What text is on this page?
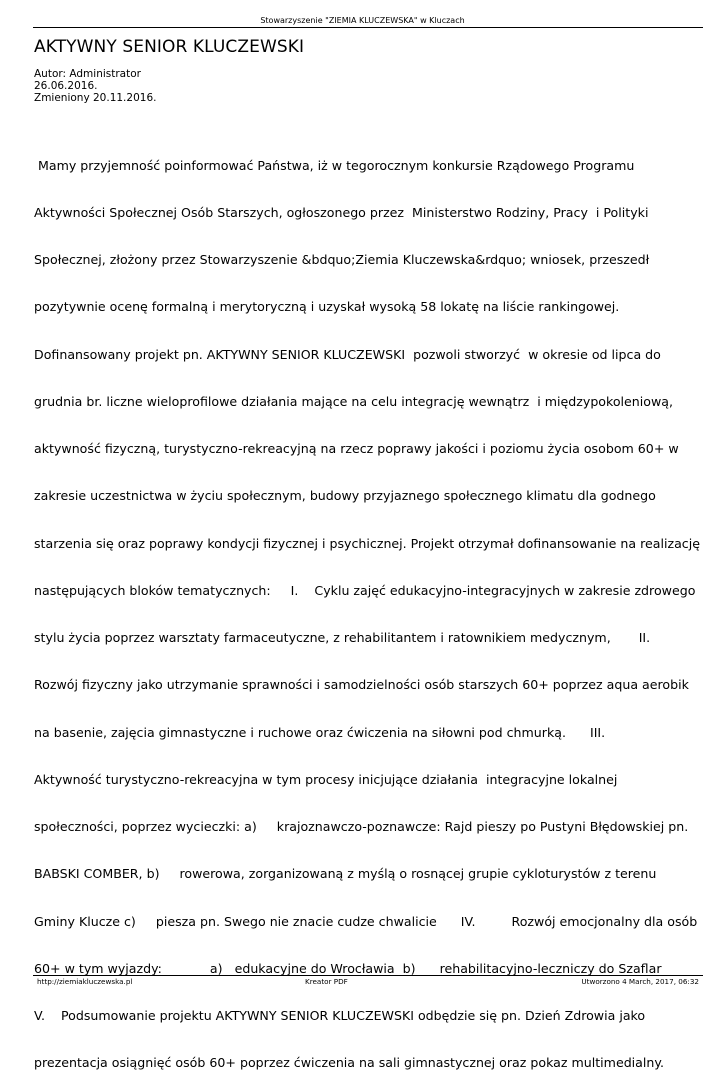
Stowarzyszenie "ZIEMIA KLUCZEWSKA" w Kluczach
AKTYWNY SENIOR KLUCZEWSKI
Autor: Administrator
26.06.2016.
Zmieniony 20.11.2016.

Mamy przyjemność poinformować Państwa, iż w tegorocznym konkursie Rządowego Programu

Aktywności Społecznej Osób Starszych, ogłoszonego przez  Ministerstwo Rodziny, Pracy  i Polityki

Społecznej, złożony przez Stowarzyszenie &bdquo;Ziemia Kluczewska&rdquo; wniosek, przeszedł

pozytywnie ocenę formalną i merytoryczną i uzyskał wysoką 58 lokatę na liście rankingowej.

Dofinansowany projekt pn. AKTYWNY SENIOR KLUCZEWSKI  pozwoli stworzyć  w okresie od lipca do

grudnia br. liczne wieloprofilowe działania mające na celu integrację wewnątrz  i międzypokoleniową,

aktywność fizyczną, turystyczno-rekreacyjną na rzecz poprawy jakości i poziomu życia osobom 60+ w

zakresie uczestnictwa w życiu społecznym, budowy przyjaznego społecznego klimatu dla godnego

starzenia się oraz poprawy kondycji fizycznej i psychicznej. Projekt otrzymał dofinansowanie na realizację

następujących bloków tematycznych:     I.    Cyklu zajęć edukacyjno-integracyjnych w zakresie zdrowego

stylu życia poprzez warsztaty farmaceutyczne, z rehabilitantem i ratownikiem medycznym,       II.

Rozwój fizyczny jako utrzymanie sprawności i samodzielności osób starszych 60+ poprzez aqua aerobik

na basenie, zajęcia gimnastyczne i ruchowe oraz ćwiczenia na siłowni pod chmurką.      III.

Aktywność turystyczno-rekreacyjna w tym procesy inicjujące działania  integracyjne lokalnej

społeczności, poprzez wycieczki: a)     krajoznawczo-poznawcze: Rajd pieszy po Pustyni Błędowskiej pn.

BABSKI COMBER, b)     rowerowa, zorganizowaną z myślą o rosnącej grupie cykloturystów z terenu

Gminy Klucze c)     piesza pn. Swego nie znacie cudze chwalicie      IV.         Rozwój emocjonalny dla osób

60+ w tym wyjazdy:            a)   edukacyjne do Wrocławia  b)      rehabilitacyjno-leczniczy do Szaflar

V.    Podsumowanie projektu AKTYWNY SENIOR KLUCZEWSKI odbędzie się pn. Dzień Zdrowia jako

prezentacja osiągnięć osób 60+ poprzez ćwiczenia na sali gimnastycznej oraz pokaz multimedialny.

http://ziemiakluczewska.pl	Kreator PDF	Utworzono 4 March, 2017, 06:32
